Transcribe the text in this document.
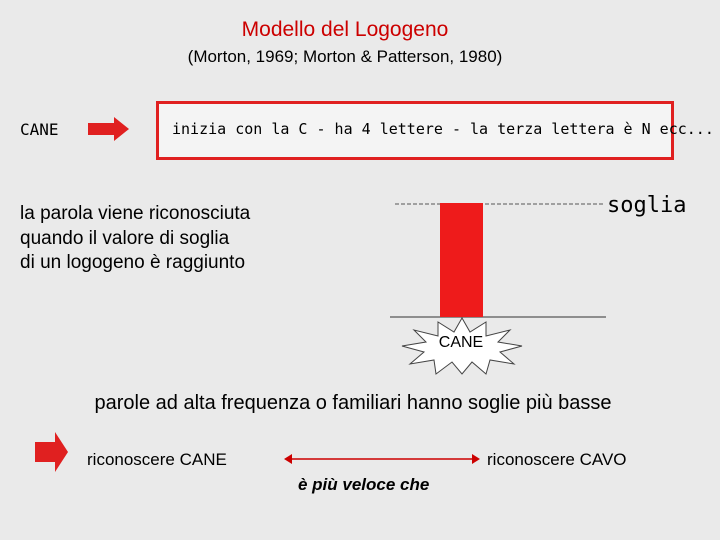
Modello del Logogeno
(Morton, 1969; Morton & Patterson, 1980)
CANE	inizia con la C - ha 4 lettere - la terza lettera è N ecc...
la parola viene riconosciuta
quando il valore di soglia
di un logogeno è raggiunto
soglia
CANE
parole ad alta frequenza o familiari hanno soglie più basse
riconoscere CANE	riconoscere CAVO
è più veloce che
